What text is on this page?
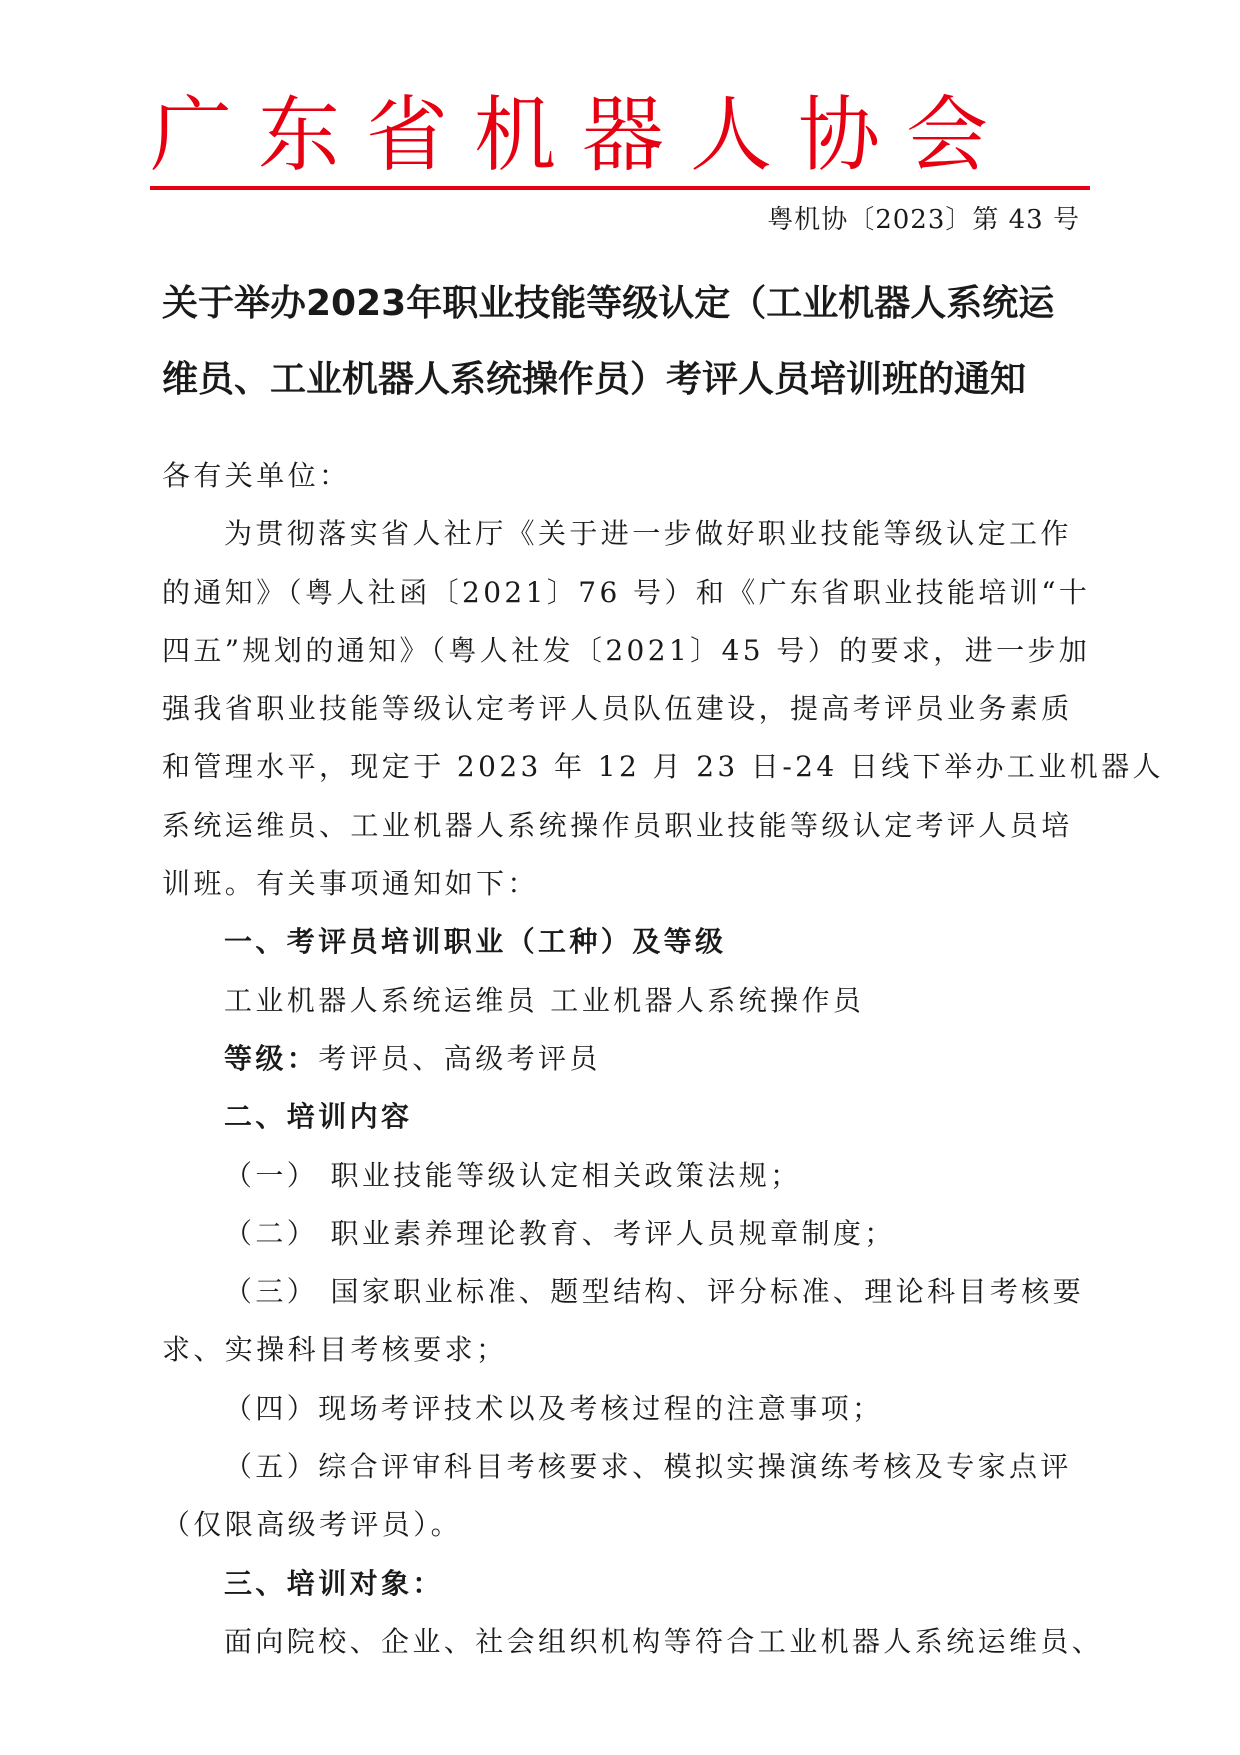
广东省机器人协会
粤机协〔2023〕第 43 号
关于举办2023年职业技能等级认定（工业机器人系统运
维员、工业机器人系统操作员）考评人员培训班的通知
各有关单位：
为贯彻落实省人社厅《关于进一步做好职业技能等级认定工作
的通知》（粤人社函〔2021〕76 号）和《广东省职业技能培训“十
四五”规划的通知》（粤人社发〔2021〕45 号）的要求，进一步加
强我省职业技能等级认定考评人员队伍建设，提高考评员业务素质
和管理水平，现定于 2023 年 12 月 23 日-24 日线下举办工业机器人
系统运维员、工业机器人系统操作员职业技能等级认定考评人员培
训班。有关事项通知如下：
一、考评员培训职业（工种）及等级
工业机器人系统运维员 工业机器人系统操作员
等级：考评员、高级考评员
二、培训内容
（一） 职业技能等级认定相关政策法规；
（二） 职业素养理论教育、考评人员规章制度；
（三） 国家职业标准、题型结构、评分标准、理论科目考核要
求、实操科目考核要求；
（四）现场考评技术以及考核过程的注意事项；
（五）综合评审科目考核要求、模拟实操演练考核及专家点评
（仅限高级考评员）。
三、培训对象：
面向院校、企业、社会组织机构等符合工业机器人系统运维员、
